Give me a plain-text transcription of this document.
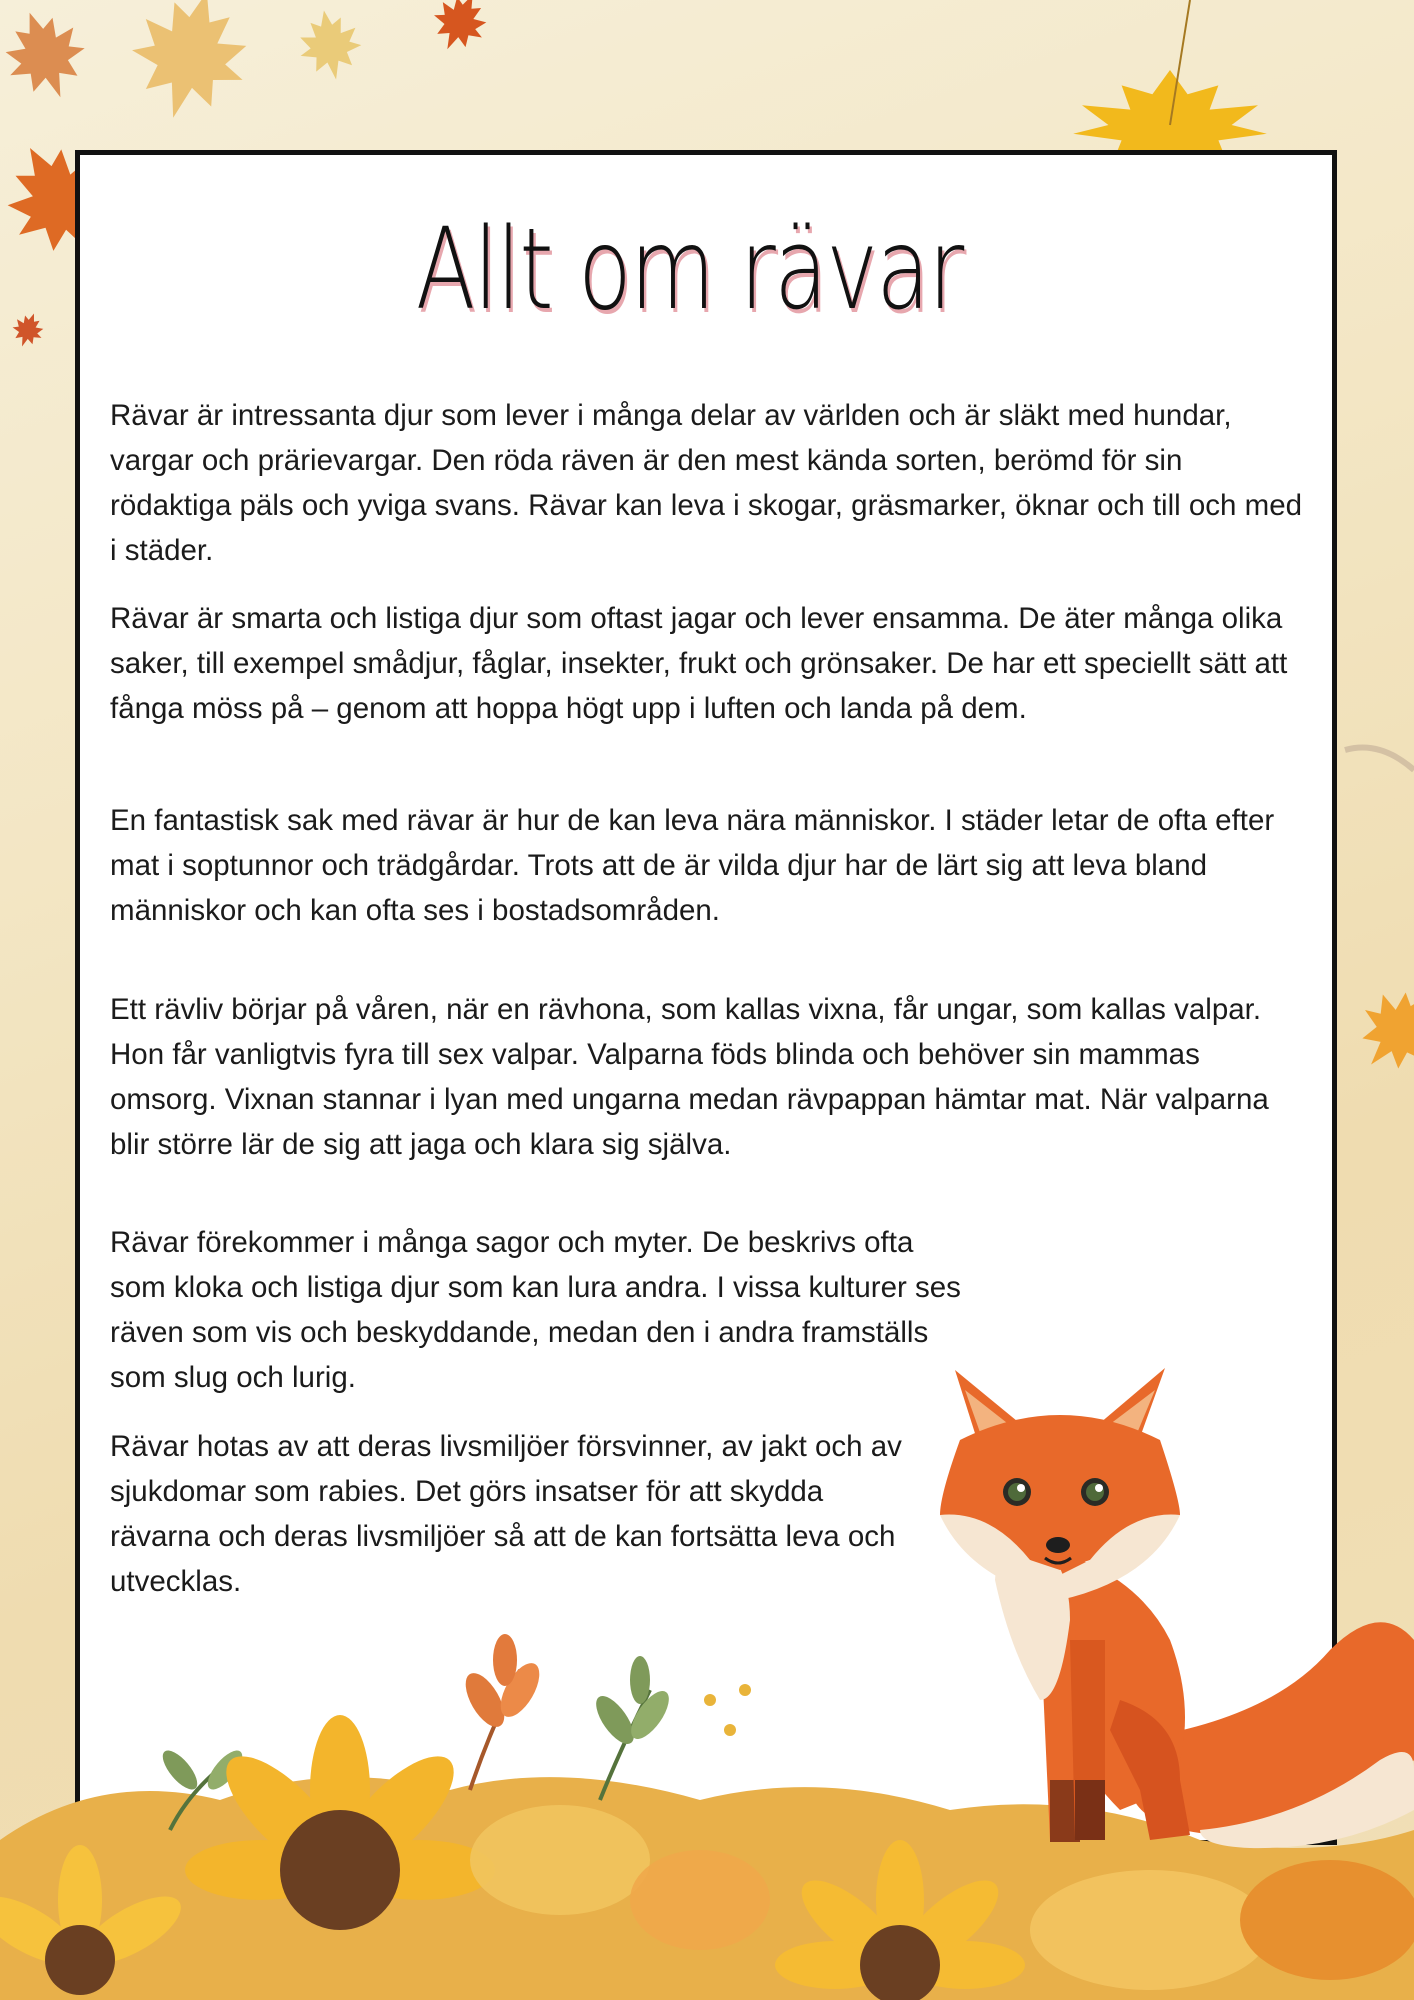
Allt om rävar

Rävar är intressanta djur som lever i många delar av världen och är släkt med hundar, vargar och prärievargar. Den röda räven är den mest kända sorten, berömd för sin rödaktiga päls och yviga svans. Rävar kan leva i skogar, gräsmarker, öknar och till och med i städer.

Rävar är smarta och listiga djur som oftast jagar och lever ensamma. De äter många olika saker, till exempel smådjur, fåglar, insekter, frukt och grönsaker. De har ett speciellt sätt att fånga möss på – genom att hoppa högt upp i luften och landa på dem.

En fantastisk sak med rävar är hur de kan leva nära människor. I städer letar de ofta efter mat i soptunnor och trädgårdar. Trots att de är vilda djur har de lärt sig att leva bland människor och kan ofta ses i bostadsområden.

Ett rävliv börjar på våren, när en rävhona, som kallas vixna, får ungar, som kallas valpar. Hon får vanligtvis fyra till sex valpar. Valparna föds blinda och behöver sin mammas omsorg. Vixnan stannar i lyan med ungarna medan rävpappan hämtar mat. När valparna blir större lär de sig att jaga och klara sig själva.

Rävar förekommer i många sagor och myter. De beskrivs ofta som kloka och listiga djur som kan lura andra. I vissa kulturer ses räven som vis och beskyddande, medan den i andra framställs som slug och lurig.

Rävar hotas av att deras livsmiljöer försvinner, av jakt och av sjukdomar som rabies. Det görs insatser för att skydda rävarna och deras livsmiljöer så att de kan fortsätta leva och utvecklas.
